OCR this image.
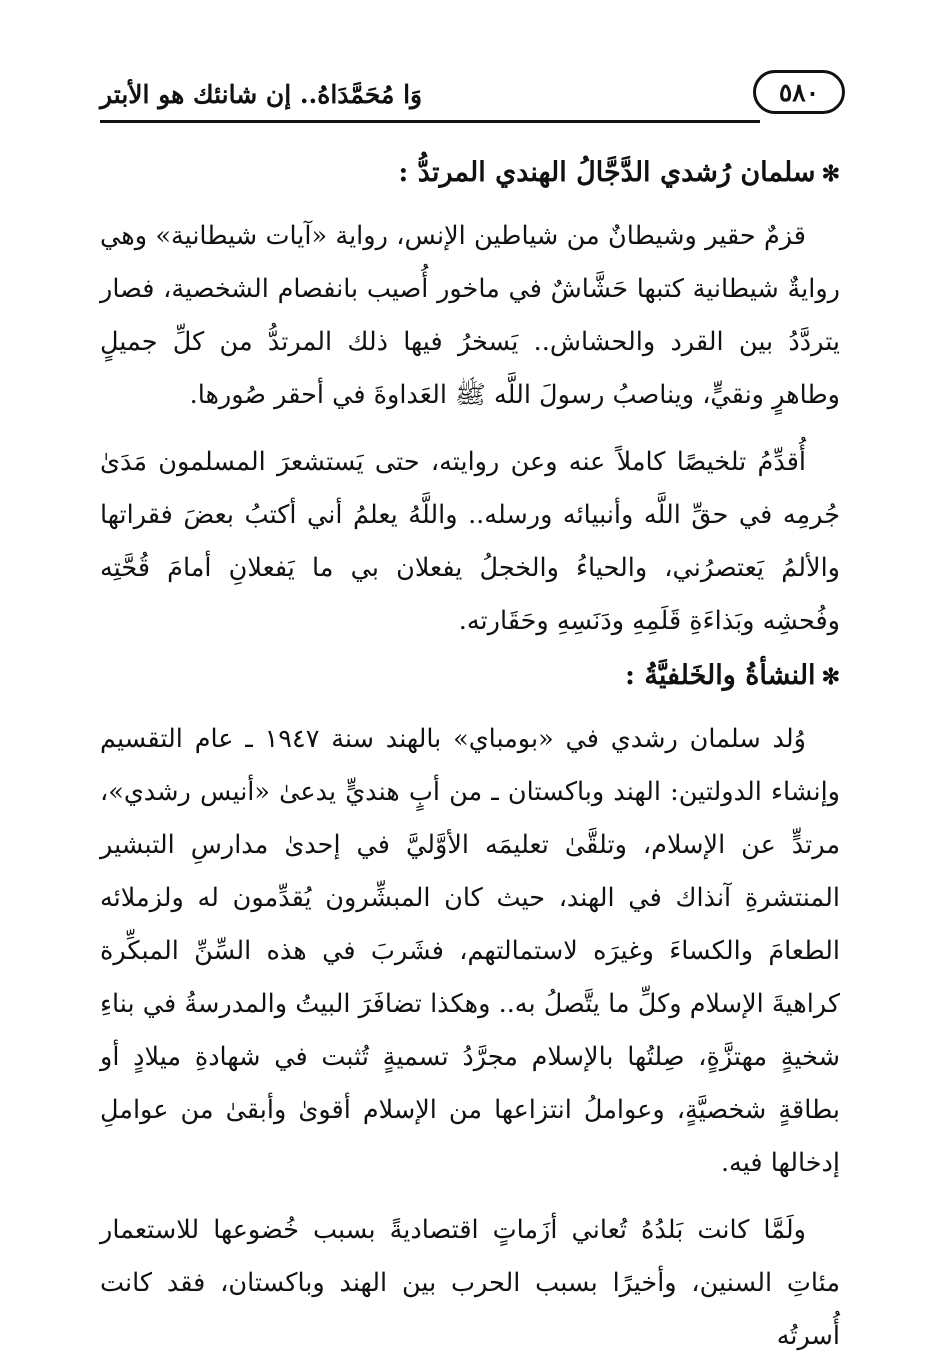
٥٨٠
وَا مُحَمَّدَاهُ.. إن شانئك هو الأبتر

✻سلمان رُشدي الدَّجَّالُ الهندي المرتدُّ :

قزمٌ حقير وشيطانٌ من شياطين الإنس، رواية «آيات شيطانية» وهي روايةٌ شيطانية كتبها حَشَّاشٌ في ماخور أُصيب بانفصام الشخصية، فصار يتردَّدُ بين القرد والحشاش.. يَسخرُ فيها ذلك المرتدُّ من كلِّ جميلٍ وطاهرٍ ونقيٍّ، ويناصبُ رسولَ اللَّه ﷺ العَداوةَ في أحقر صُورها.

أُقدِّمُ تلخيصًا كاملاً عنه وعن روايته، حتى يَستشعرَ المسلمون مَدَىٰ جُرمِه في حقِّ اللَّه وأنبيائه ورسله.. واللَّهُ يعلمُ أني أكتبُ بعضَ فقراتها والألمُ يَعتصرُني، والحياءُ والخجلُ يفعلان بي ما يَفعلانِ أمامَ قُحَّتِه وفُحشِه وبَذاءَةِ قَلَمِهِ ودَنَسِهِ وحَقَارته.

✻النشأةُ والخَلفيَّةُ :

وُلد سلمان رشدي في «بومباي» بالهند سنة ١٩٤٧ ـ عام التقسيم وإنشاء الدولتين: الهند وباكستان ـ من أبٍ هنديٍّ يدعىٰ «أنيس رشدي»، مرتدٍّ عن الإسلام، وتلقَّىٰ تعليمَه الأوَّليَّ في إحدىٰ مدارسِ التبشير المنتشرةِ آنذاك في الهند، حيث كان المبشِّرون يُقدِّمون له ولزملائه الطعامَ والكساءَ وغيرَه لاستمالتهم، فشَربَ في هذه السِّنِّ المبكِّرة كراهيةَ الإسلام وكلِّ ما يتَّصلُ به.. وهكذا تضافَرَ البيتُ والمدرسةُ في بناءِ شخيةٍ مهتزَّةٍ، صِلتُها بالإسلام مجرَّدُ تسميةٍ تُثبت في شهادةِ ميلادٍ أو بطاقةٍ شخصيَّةٍ، وعواملُ انتزاعها من الإسلام أقوىٰ وأبقىٰ من عواملِ إدخالها فيه.

ولَمَّا كانت بَلدُهُ تُعاني أزَماتٍ اقتصاديةً بسبب خُضوعها للاستعمار مئاتِ السنين، وأخيرًا بسبب الحرب بين الهند وباكستان، فقد كانت أُسرتُه
